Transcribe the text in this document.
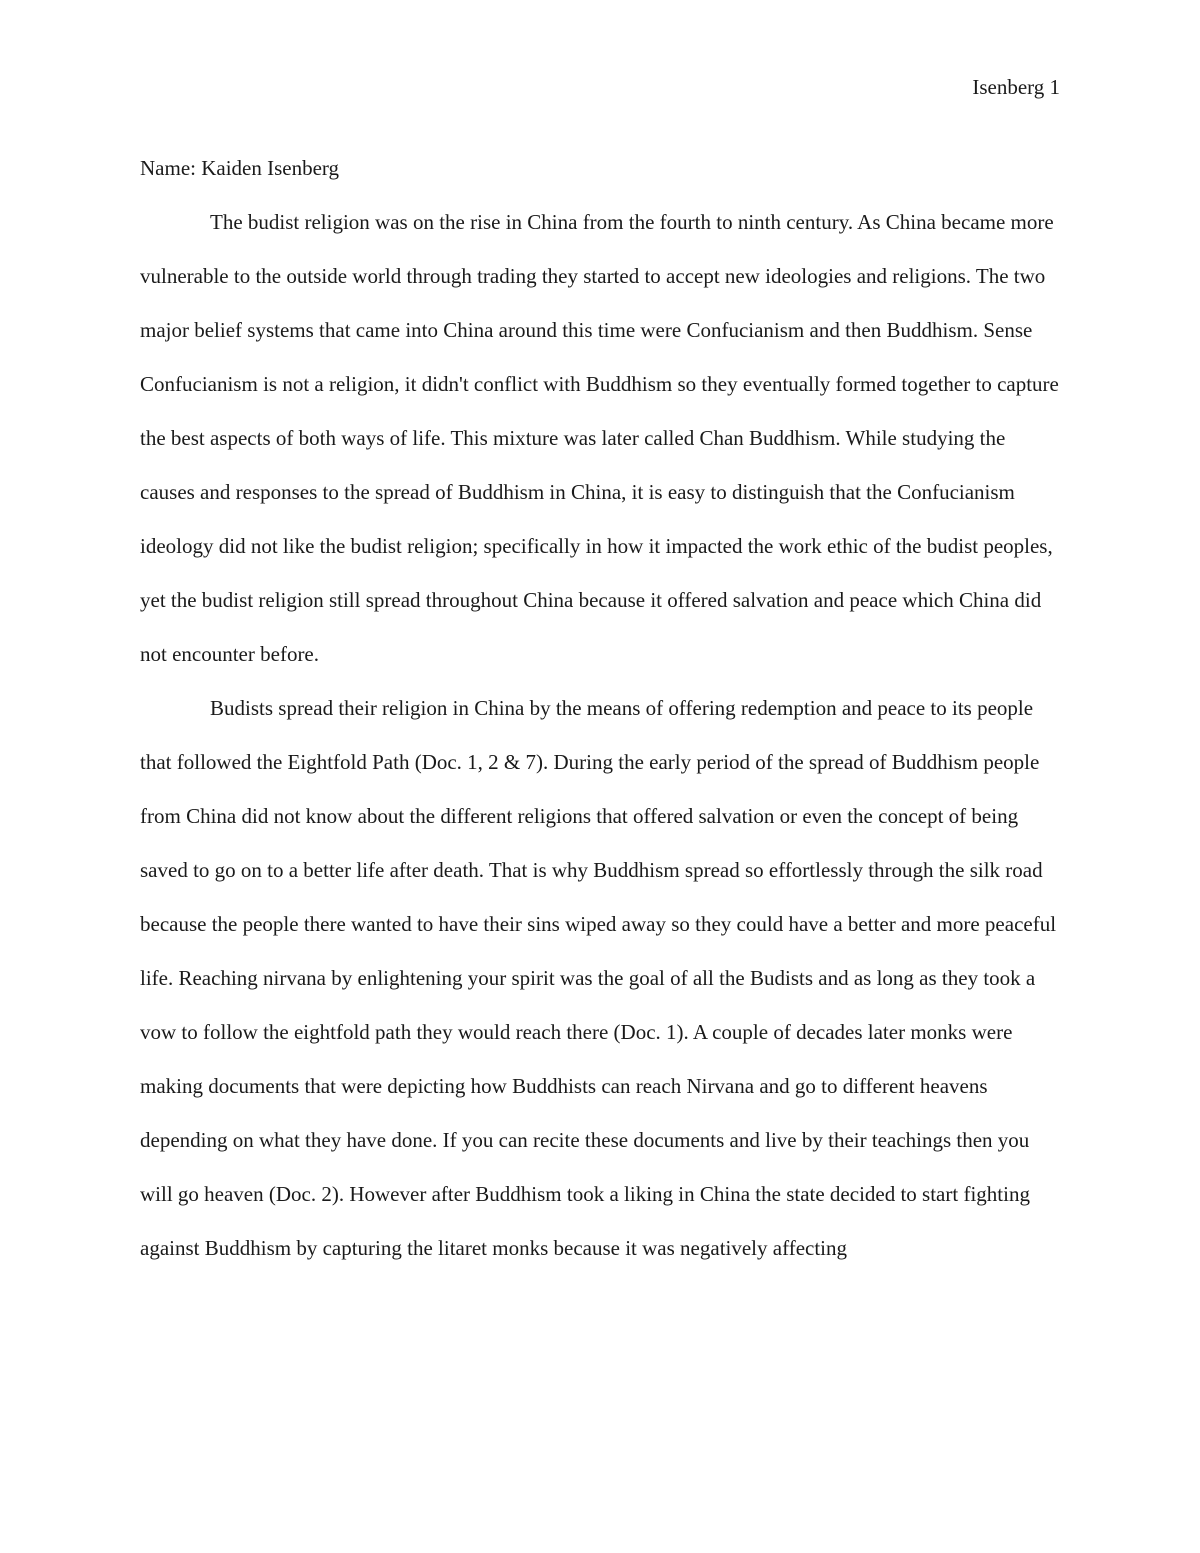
Isenberg 1

Name: Kaiden Isenberg

The budist religion was on the rise in China from the fourth to ninth century. As China became more vulnerable to the outside world through trading they started to accept new ideologies and religions. The two major belief systems that came into China around this time were Confucianism and then Buddhism. Sense Confucianism is not a religion, it didn't conflict with Buddhism so they eventually formed together to capture the best aspects of both ways of life. This mixture was later called Chan Buddhism. While studying the causes and responses to the spread of Buddhism in China, it is easy to distinguish that the Confucianism ideology did not like the budist religion; specifically in how it impacted the work ethic of the budist peoples, yet the budist religion still spread throughout China because it offered salvation and peace which China did not encounter before.

Budists spread their religion in China by the means of offering redemption and peace to its people that followed the Eightfold Path (Doc. 1, 2 & 7). During the early period of the spread of Buddhism people from China did not know about the different religions that offered salvation or even the concept of being saved to go on to a better life after death. That is why Buddhism spread so effortlessly through the silk road because the people there wanted to have their sins wiped away so they could have a better and more peaceful life. Reaching nirvana by enlightening your spirit was the goal of all the Budists and as long as they took a vow to follow the eightfold path they would reach there (Doc. 1). A couple of decades later monks were making documents that were depicting how Buddhists can reach Nirvana and go to different heavens depending on what they have done. If you can recite these documents and live by their teachings then you will go heaven (Doc. 2). However after Buddhism took a liking in China the state decided to start fighting against Buddhism by capturing the litaret monks because it was negatively affecting
